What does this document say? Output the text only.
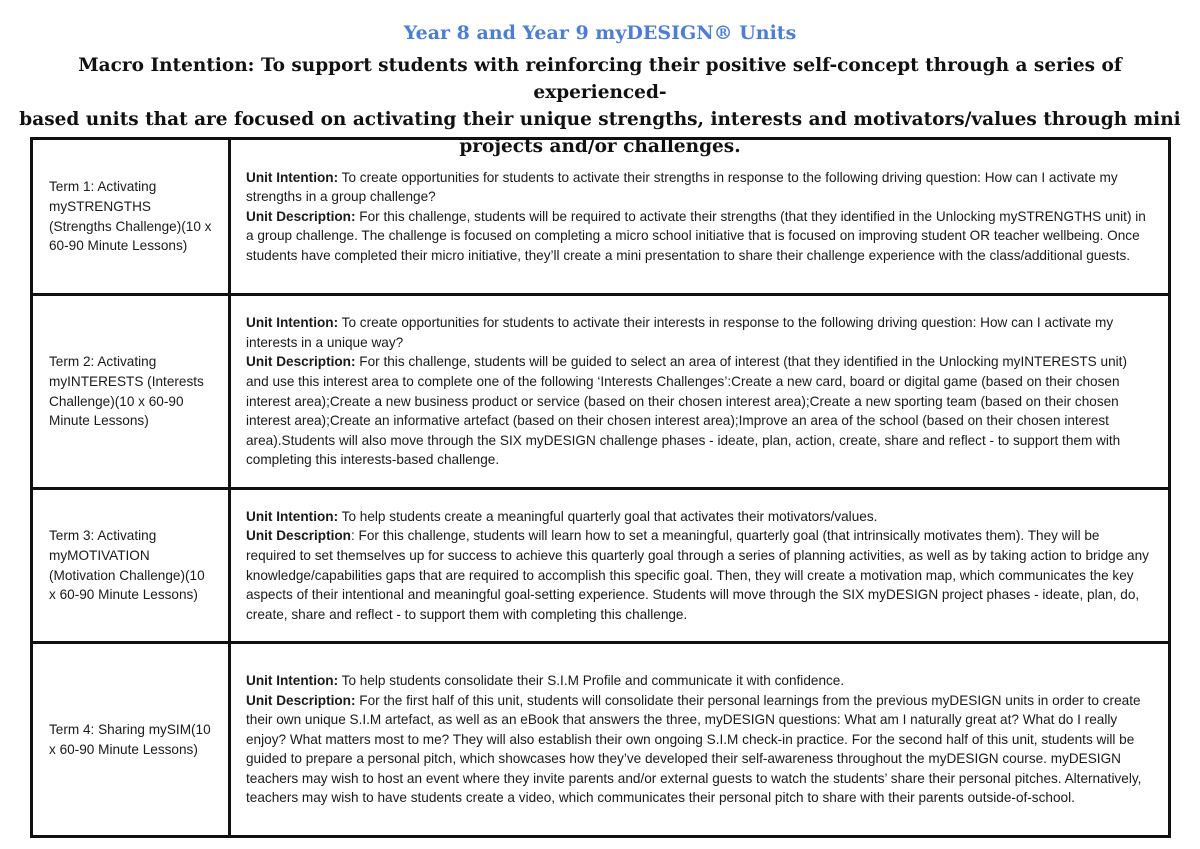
Year 8 and Year 9 myDESIGN® Units
Macro Intention: To support students with reinforcing their positive self-concept through a series of experienced-
based units that are focused on activating their unique strengths, interests and motivators/values through mini
projects and/or challenges.
Term 1: Activating mySTRENGTHS (Strengths Challenge)(10 x 60-90 Minute Lessons)	Unit Intention: To create opportunities for students to activate their strengths in response to the following driving question: How can I activate my strengths in a group challenge?
Unit Description: For this challenge, students will be required to activate their strengths (that they identified in the Unlocking mySTRENGTHS unit) in a group challenge. The challenge is focused on completing a micro school initiative that is focused on improving student OR teacher wellbeing. Once students have completed their micro initiative, they’ll create a mini presentation to share their challenge experience with the class/additional guests.
Term 2: Activating myINTERESTS (Interests Challenge)(10 x 60-90 Minute Lessons)	Unit Intention: To create opportunities for students to activate their interests in response to the following driving question: How can I activate my interests in a unique way?
Unit Description: For this challenge, students will be guided to select an area of interest (that they identified in the Unlocking myINTERESTS unit) and use this interest area to complete one of the following ‘Interests Challenges’:Create a new card, board or digital game (based on their chosen interest area);Create a new business product or service (based on their chosen interest area);Create a new sporting team (based on their chosen interest area);Create an informative artefact (based on their chosen interest area);Improve an area of the school (based on their chosen interest area).Students will also move through the SIX myDESIGN challenge phases - ideate, plan, action, create, share and reflect - to support them with completing this interests-based challenge.
Term 3: Activating myMOTIVATION (Motivation Challenge)(10 x 60-90 Minute Lessons)	Unit Intention: To help students create a meaningful quarterly goal that activates their motivators/values.
Unit Description: For this challenge, students will learn how to set a meaningful, quarterly goal (that intrinsically motivates them). They will be required to set themselves up for success to achieve this quarterly goal through a series of planning activities, as well as by taking action to bridge any knowledge/capabilities gaps that are required to accomplish this specific goal. Then, they will create a motivation map, which communicates the key aspects of their intentional and meaningful goal-setting experience. Students will move through the SIX myDESIGN project phases - ideate, plan, do, create, share and reflect - to support them with completing this challenge.
Term 4: Sharing mySIM(10 x 60-90 Minute Lessons)	Unit Intention: To help students consolidate their S.I.M Profile and communicate it with confidence.
Unit Description: For the first half of this unit, students will consolidate their personal learnings from the previous myDESIGN units in order to create their own unique S.I.M artefact, as well as an eBook that answers the three, myDESIGN questions: What am I naturally great at? What do I really enjoy? What matters most to me? They will also establish their own ongoing S.I.M check-in practice. For the second half of this unit, students will be guided to prepare a personal pitch, which showcases how they’ve developed their self-awareness throughout the myDESIGN course. myDESIGN teachers may wish to host an event where they invite parents and/or external guests to watch the students’ share their personal pitches. Alternatively, teachers may wish to have students create a video, which communicates their personal pitch to share with their parents outside-of-school.
